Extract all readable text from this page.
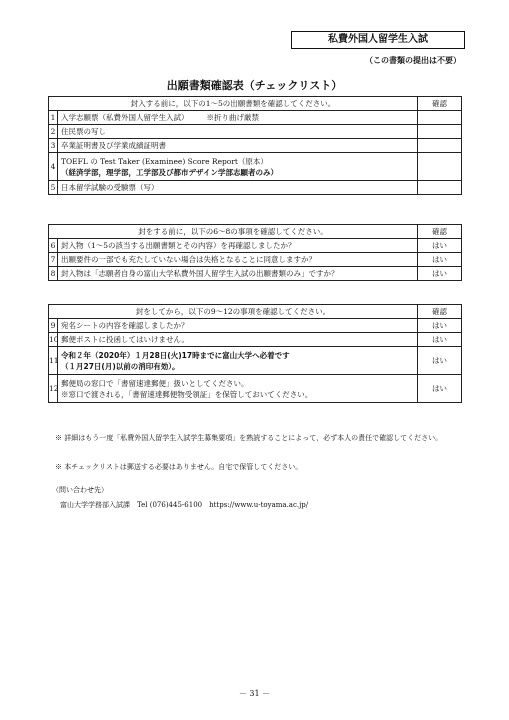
私費外国人留学生入試
（この書類の提出は不要）
出願書類確認表（チェックリスト）
封入する前に，以下の1～5の出願書類を確認してください。		確認
1	入学志願票（私費外国人留学生入試） ※折り曲げ厳禁	
2	住民票の写し	
3	卒業証明書及び学業成績証明書	
4	TOEFL の Test Taker (Examinee) Score Report（原本）
（経済学部，理学部，工学部及び都市デザイン学部志願者のみ）	

5	日本留学試験の受験票（写）	
封をする前に，以下の6～8の事項を確認してください。		確認
6	封入物（1～5の該当する出願書類とその内容）を再確認しましたか？	はい
7	出願要件の一部でも充たしていない場合は失格となることに同意しますか？	はい
8	封入物は「志願者自身の富山大学私費外国人留学生入試の出願書類のみ」ですか？	はい
封をしてから，以下の9～12の事項を確認してください。		確認
9	宛名シートの内容を確認しましたか？	はい
10	郵便ポストに投函してはいけません。	はい
11	令和２年（2020年）１月28日(火)17時までに富山大学へ必着です
（１月27日(月)以前の消印有効）。	はい
12	郵便局の窓口で「書留速達郵便」扱いとしてください。
※窓口で渡される，「書留速達郵便物受領証」を保管しておいてください。	はい
※ 詳細はもう一度「私費外国人留学生入試学生募集要項」を熟読することによって，必ず本人の責任で確認してください。
※ 本チェックリストは郵送する必要はありません。自宅で保管してください。
（問い合わせ先）
富山大学学務部入試課　Tel (076)445-6100　https://www.u-toyama.ac.jp/
－ 31 －
